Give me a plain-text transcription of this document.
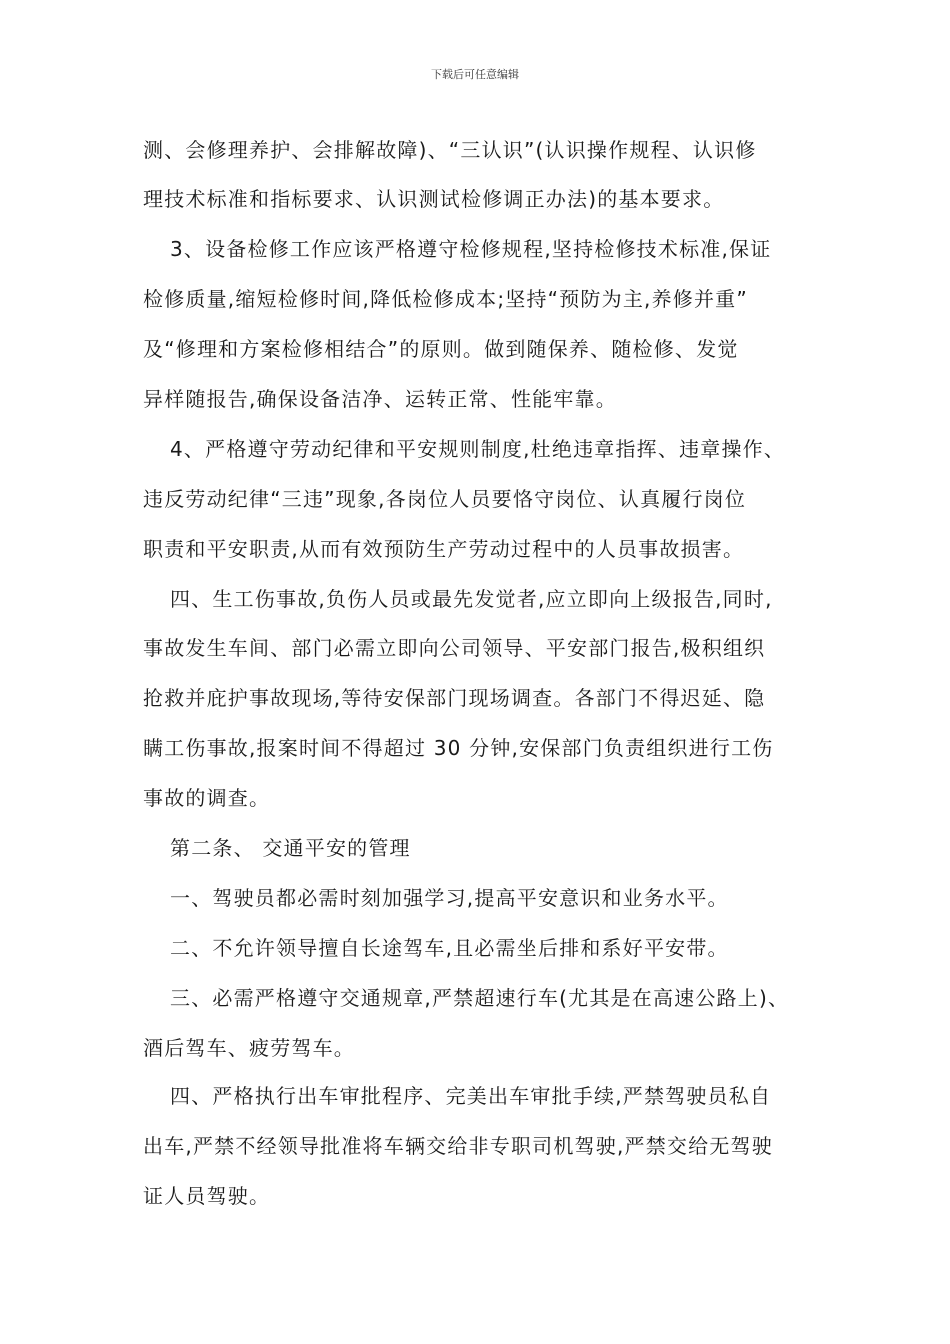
下载后可任意编辑
测、会修理养护、会排解故障)、“三认识”(认识操作规程、认识修
理技术标准和指标要求、认识测试检修调正办法)的基本要求。
3、设备检修工作应该严格遵守检修规程,坚持检修技术标准,保证
检修质量,缩短检修时间,降低检修成本;坚持“预防为主,养修并重”
及“修理和方案检修相结合”的原则。做到随保养、随检修、发觉
异样随报告,确保设备洁净、运转正常、性能牢靠。
4、严格遵守劳动纪律和平安规则制度,杜绝违章指挥、违章操作、
违反劳动纪律“三违”现象,各岗位人员要恪守岗位、认真履行岗位
职责和平安职责,从而有效预防生产劳动过程中的人员事故损害。
四、生工伤事故,负伤人员或最先发觉者,应立即向上级报告,同时,
事故发生车间、部门必需立即向公司领导、平安部门报告,极积组织
抢救并庇护事故现场,等待安保部门现场调查。各部门不得迟延、隐
瞒工伤事故,报案时间不得超过 30 分钟,安保部门负责组织进行工伤
事故的调查。
第二条、 交通平安的管理
一、驾驶员都必需时刻加强学习,提高平安意识和业务水平。
二、不允许领导擅自长途驾车,且必需坐后排和系好平安带。
三、必需严格遵守交通规章,严禁超速行车(尤其是在高速公路上)、
酒后驾车、疲劳驾车。
四、严格执行出车审批程序、完美出车审批手续,严禁驾驶员私自
出车,严禁不经领导批准将车辆交给非专职司机驾驶,严禁交给无驾驶
证人员驾驶。
